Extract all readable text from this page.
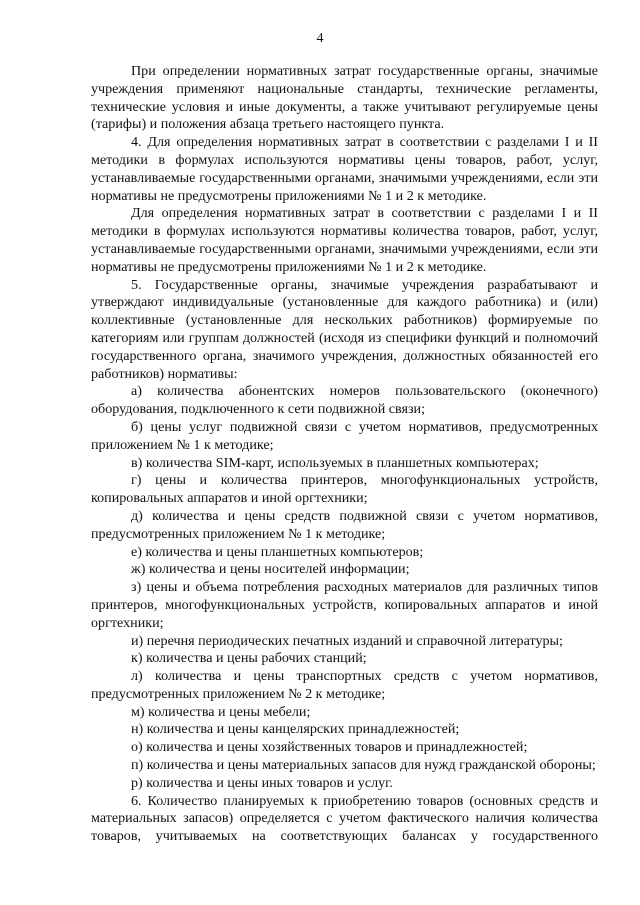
4

При определении нормативных затрат государственные органы, значимые учреждения применяют национальные стандарты, технические регламенты, технические условия и иные документы, а также учитывают регулируемые цены (тарифы) и положения абзаца третьего настоящего пункта.

4. Для определения нормативных затрат в соответствии с разделами I и II методики в формулах используются нормативы цены товаров, работ, услуг, устанавливаемые государственными органами, значимыми учреждениями, если эти нормативы не предусмотрены приложениями № 1 и 2 к методике.

Для определения нормативных затрат в соответствии с разделами I и II методики в формулах используются нормативы количества товаров, работ, услуг, устанавливаемые государственными органами, значимыми учреждениями, если эти нормативы не предусмотрены приложениями № 1 и 2 к методике.

5. Государственные органы, значимые учреждения разрабатывают и утверждают индивидуальные (установленные для каждого работника) и (или) коллективные (установленные для нескольких работников) формируемые по категориям или группам должностей (исходя из специфики функций и полномочий государственного органа, значимого учреждения, должностных обязанностей его работников) нормативы:

а) количества абонентских номеров пользовательского (оконечного) оборудования, подключенного к сети подвижной связи;

б) цены услуг подвижной связи с учетом нормативов, предусмотренных приложением № 1 к методике;

в) количества SIM-карт, используемых в планшетных компьютерах;

г) цены и количества принтеров, многофункциональных устройств, копировальных аппаратов и иной оргтехники;

д) количества и цены средств подвижной связи с учетом нормативов, предусмотренных приложением № 1 к методике;

е) количества и цены планшетных компьютеров;

ж) количества и цены носителей информации;

з) цены и объема потребления расходных материалов для различных типов принтеров, многофункциональных устройств, копировальных аппаратов и иной оргтехники;

и) перечня периодических печатных изданий и справочной литературы;

к) количества и цены рабочих станций;

л) количества и цены транспортных средств с учетом нормативов, предусмотренных приложением № 2 к методике;

м) количества и цены мебели;

н) количества и цены канцелярских принадлежностей;

о) количества и цены хозяйственных товаров и принадлежностей;

п) количества и цены материальных запасов для нужд гражданской обороны;

р) количества и цены иных товаров и услуг.

6. Количество планируемых к приобретению товаров (основных средств и материальных запасов) определяется с учетом фактического наличия количества товаров, учитываемых на соответствующих балансах у государственного
